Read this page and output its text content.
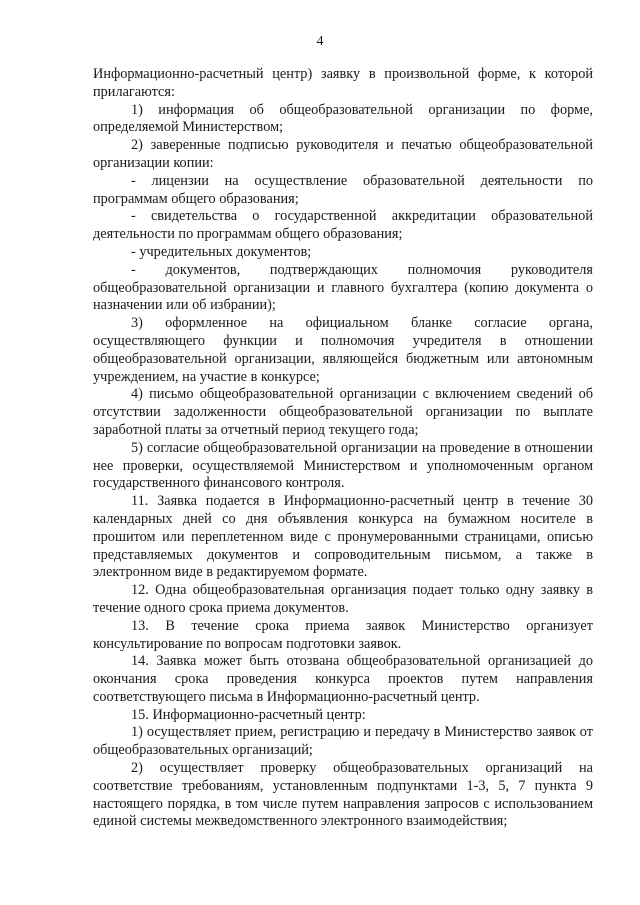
4

Информационно-расчетный центр) заявку в произвольной форме, к которой прилагаются:

1) информация об общеобразовательной организации по форме, определяемой Министерством;

2) заверенные подписью руководителя и печатью общеобразовательной организации копии:

- лицензии на осуществление образовательной деятельности по программам общего образования;

- свидетельства о государственной аккредитации образовательной деятельности по программам общего образования;

- учредительных документов;

- документов, подтверждающих полномочия руководителя общеобразовательной организации и главного бухгалтера (копию документа о назначении или об избрании);

3) оформленное на официальном бланке согласие органа, осуществляющего функции и полномочия учредителя в отношении общеобразовательной организации, являющейся бюджетным или автономным учреждением, на участие в конкурсе;

4) письмо общеобразовательной организации с включением сведений об отсутствии задолженности общеобразовательной организации по выплате заработной платы за отчетный период текущего года;

5) согласие общеобразовательной организации на проведение в отношении нее проверки, осуществляемой Министерством и уполномоченным органом государственного финансового контроля.

11. Заявка подается в Информационно-расчетный центр в течение 30 календарных дней со дня объявления конкурса на бумажном носителе в прошитом или переплетенном виде с пронумерованными страницами, описью представляемых документов и сопроводительным письмом, а также в электронном виде в редактируемом формате.

12. Одна общеобразовательная организация подает только одну заявку в течение одного срока приема документов.

13. В течение срока приема заявок Министерство организует консультирование по вопросам подготовки заявок.

14. Заявка может быть отозвана общеобразовательной организацией до окончания срока проведения конкурса проектов путем направления соответствующего письма в Информационно-расчетный центр.

15. Информационно-расчетный центр:

1) осуществляет прием, регистрацию и передачу в Министерство заявок от общеобразовательных организаций;

2) осуществляет проверку общеобразовательных организаций на соответствие требованиям, установленным подпунктами 1-3, 5, 7 пункта 9 настоящего порядка, в том числе путем направления запросов с использованием единой системы межведомственного электронного взаимодействия;
